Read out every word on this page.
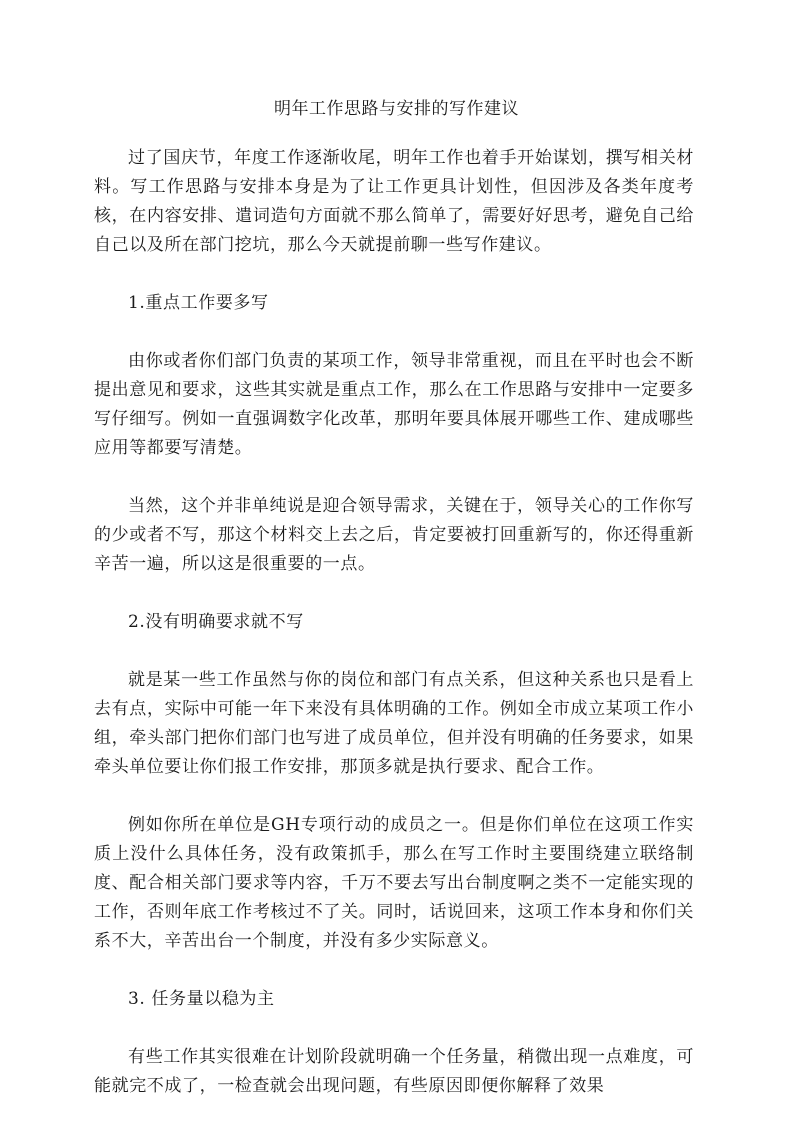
明年工作思路与安排的写作建议

过了国庆节，年度工作逐渐收尾，明年工作也着手开始谋划，撰写相关材料。写工作思路与安排本身是为了让工作更具计划性，但因涉及各类年度考核，在内容安排、遣词造句方面就不那么简单了，需要好好思考，避免自己给自己以及所在部门挖坑，那么今天就提前聊一些写作建议。

1.重点工作要多写

由你或者你们部门负责的某项工作，领导非常重视，而且在平时也会不断提出意见和要求，这些其实就是重点工作，那么在工作思路与安排中一定要多写仔细写。例如一直强调数字化改革，那明年要具体展开哪些工作、建成哪些应用等都要写清楚。

当然，这个并非单纯说是迎合领导需求，关键在于，领导关心的工作你写的少或者不写，那这个材料交上去之后，肯定要被打回重新写的，你还得重新辛苦一遍，所以这是很重要的一点。

2.没有明确要求就不写

就是某一些工作虽然与你的岗位和部门有点关系，但这种关系也只是看上去有点，实际中可能一年下来没有具体明确的工作。例如全市成立某项工作小组，牵头部门把你们部门也写进了成员单位，但并没有明确的任务要求，如果牵头单位要让你们报工作安排，那顶多就是执行要求、配合工作。

例如你所在单位是GH专项行动的成员之一。但是你们单位在这项工作实质上没什么具体任务，没有政策抓手，那么在写工作时主要围绕建立联络制度、配合相关部门要求等内容，千万不要去写出台制度啊之类不一定能实现的工作，否则年底工作考核过不了关。同时，话说回来，这项工作本身和你们关系不大，辛苦出台一个制度，并没有多少实际意义。

3. 任务量以稳为主

有些工作其实很难在计划阶段就明确一个任务量，稍微出现一点难度，可能就完不成了，一检查就会出现问题，有些原因即便你解释了效果
